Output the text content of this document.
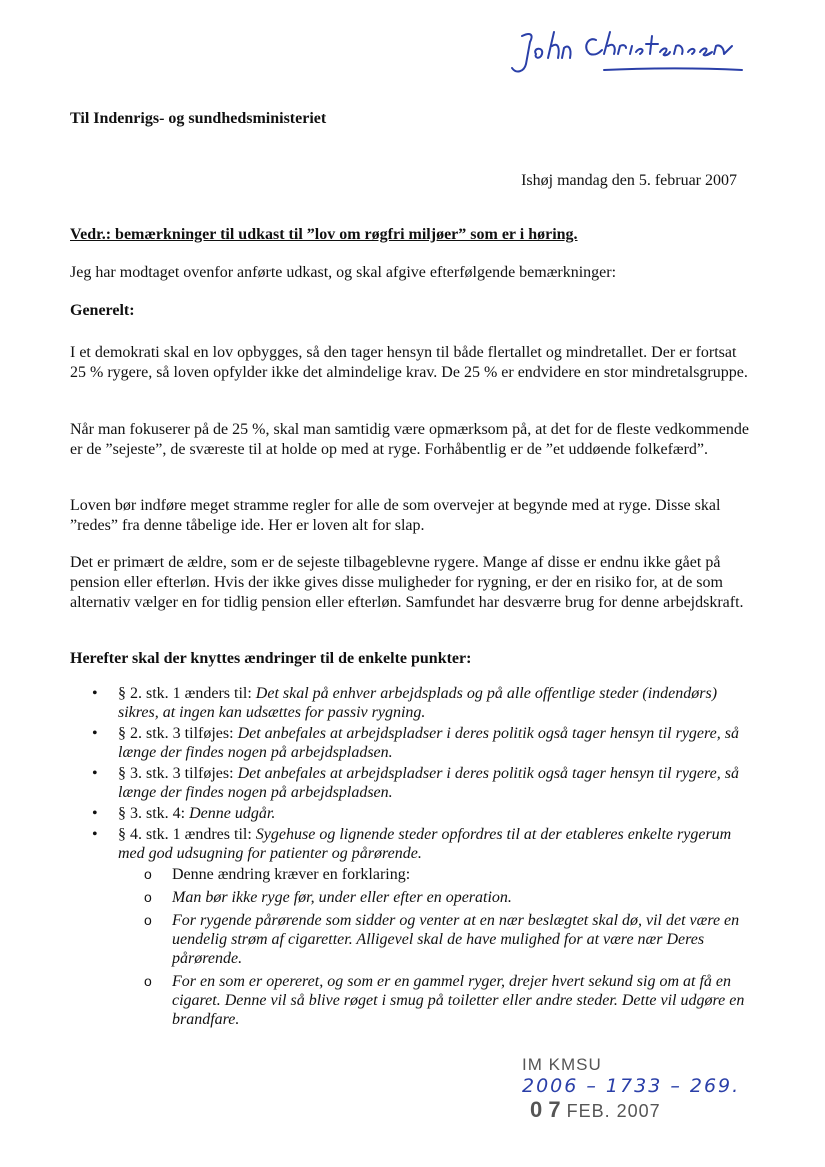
Til Indenrigs- og sundhedsministeriet
Ishøj mandag den 5. februar 2007
Vedr.: bemærkninger til udkast til ”lov om røgfri miljøer” som er i høring.
Jeg har modtaget ovenfor anførte udkast, og skal afgive efterfølgende bemærkninger:
Generelt:
I et demokrati skal en lov opbygges, så den tager hensyn til både flertallet og mindretallet. Der er fortsat 25 % rygere, så loven opfylder ikke det almindelige krav. De 25 % er endvidere en stor mindretalsgruppe.
Når man fokuserer på de 25 %, skal man samtidig være opmærksom på, at det for de fleste vedkommende er de ”sejeste”, de sværeste til at holde op med at ryge. Forhåbentlig er de ”et uddøende folkefærd”.
Loven bør indføre meget stramme regler for alle de som overvejer at begynde med at ryge. Disse skal ”redes” fra denne tåbelige ide. Her er loven alt for slap.
Det er primært de ældre, som er de sejeste tilbageblevne rygere. Mange af disse er endnu ikke gået på pension eller efterløn. Hvis der ikke gives disse muligheder for rygning, er der en risiko for, at de som alternativ vælger en for tidlig pension eller efterløn. Samfundet har desværre brug for denne arbejdskraft.
Herefter skal der knyttes ændringer til de enkelte punkter:
• § 2. stk. 1 ænders til: Det skal på enhver arbejdsplads og på alle offentlige steder (indendørs) sikres, at ingen kan udsættes for passiv rygning.
• § 2. stk. 3 tilføjes: Det anbefales at arbejdspladser i deres politik også tager hensyn til rygere, så længe der findes nogen på arbejdspladsen.
• § 3. stk. 3 tilføjes: Det anbefales at arbejdspladser i deres politik også tager hensyn til rygere, så længe der findes nogen på arbejdspladsen.
• § 3. stk. 4: Denne udgår.
• § 4. stk. 1 ændres til: Sygehuse og lignende steder opfordres til at der etableres enkelte rygerum med god udsugning for patienter og pårørende.
o Denne ændring kræver en forklaring:
o Man bør ikke ryge før, under eller efter en operation.
o For rygende pårørende som sidder og venter at en nær beslægtet skal dø, vil det være en uendelig strøm af cigaretter. Alligevel skal de have mulighed for at være nær Deres pårørende.
o For en som er opereret, og som er en gammel ryger, drejer hvert sekund sig om at få en cigaret. Denne vil så blive røget i smug på toiletter eller andre steder. Dette vil udgøre en brandfare.
IM KMSU
2006 – 1733 – 269.
0 7 FEB. 2007
